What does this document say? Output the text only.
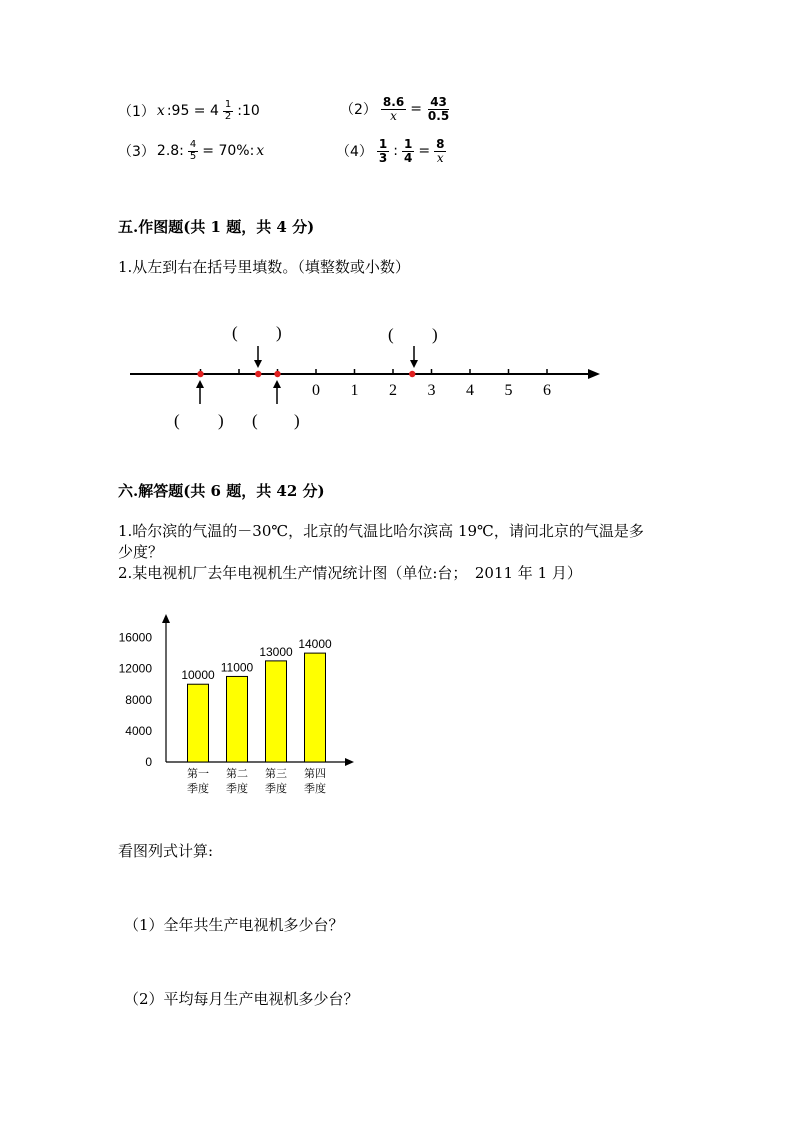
（1） x :95 = $4 \frac{1}{2}$ :10	$(2) \frac{8.6}{x} = \frac{43}{0.5}$
（3） 2.8: $\frac{4}{5} = 70\%$: x	$(4) \frac{1}{3}$ : $\frac{1}{4} = \frac{8}{x}$
五.作图题(共 1 题，共 4 分)
1.从左到右在括号里填数。（填整数或小数）
0 1 2 3 4 5 6
( )	( )
( ) ( )
六.解答题(共 6 题，共 42 分)
1.哈尔滨的气温的－30℃，北京的气温比哈尔滨高 19℃，请问北京的气温是多
少度？
2.某电视机厂去年电视机生产情况统计图（单位:台；　2011 年 1 月）
0
4000
8000
12000
16000
10000
11000
13000
14000
第一
季度
第二
季度
第三
季度
第四
季度
看图列式计算:
（1）全年共生产电视机多少台？
（2）平均每月生产电视机多少台？
